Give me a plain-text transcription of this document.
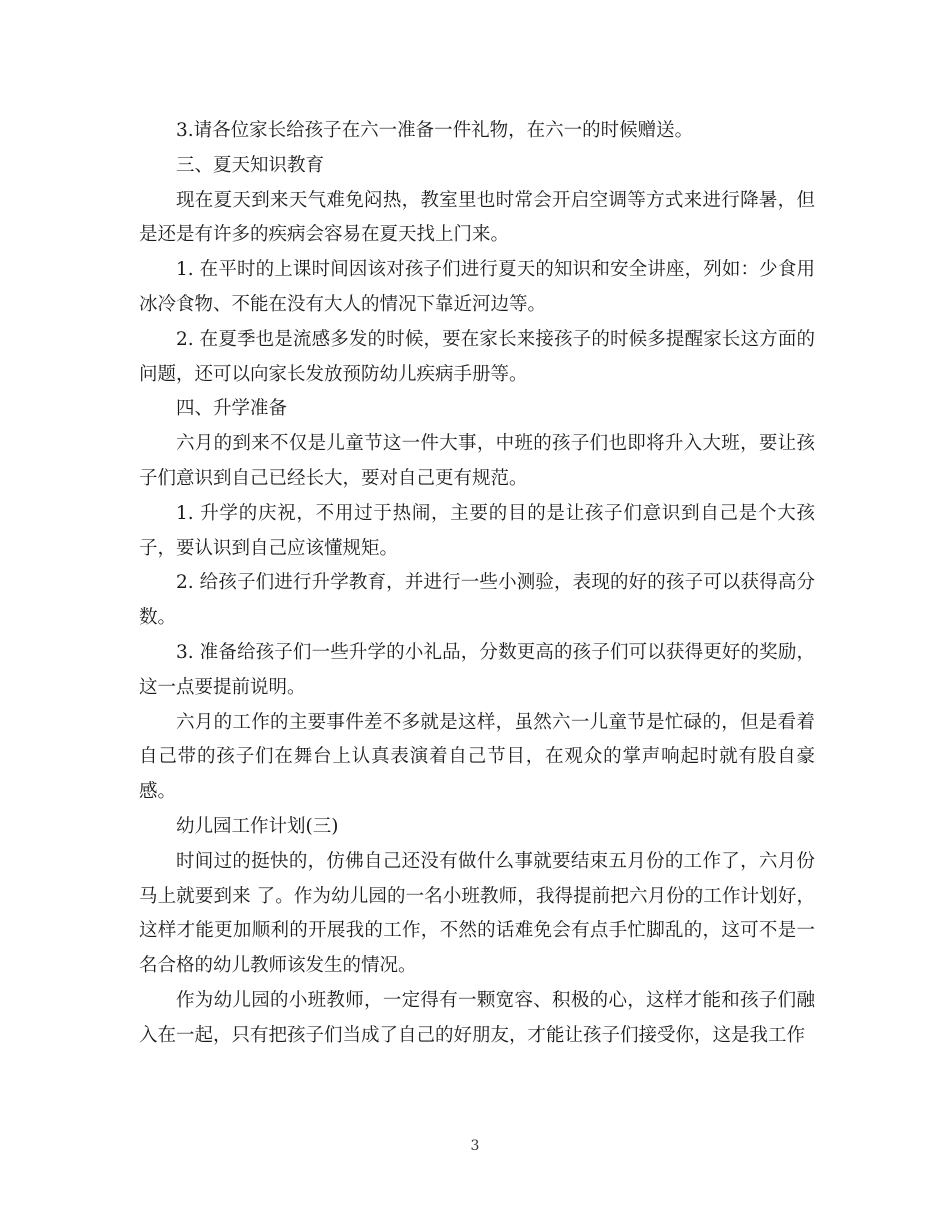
3.请各位家长给孩子在六一准备一件礼物，在六一的时候赠送。

三、夏天知识教育

现在夏天到来天气难免闷热，教室里也时常会开启空调等方式来进行降暑，但是还是有许多的疾病会容易在夏天找上门来。

1. 在平时的上课时间因该对孩子们进行夏天的知识和安全讲座，列如：少食用冰冷食物、不能在没有大人的情况下靠近河边等。

2. 在夏季也是流感多发的时候，要在家长来接孩子的时候多提醒家长这方面的问题，还可以向家长发放预防幼儿疾病手册等。

四、升学准备

六月的到来不仅是儿童节这一件大事，中班的孩子们也即将升入大班，要让孩子们意识到自己已经长大，要对自己更有规范。

1. 升学的庆祝，不用过于热闹，主要的目的是让孩子们意识到自己是个大孩子，要认识到自己应该懂规矩。

2. 给孩子们进行升学教育，并进行一些小测验，表现的好的孩子可以获得高分数。

3. 准备给孩子们一些升学的小礼品，分数更高的孩子们可以获得更好的奖励，这一点要提前说明。

六月的工作的主要事件差不多就是这样，虽然六一儿童节是忙碌的，但是看着自己带的孩子们在舞台上认真表演着自己节目，在观众的掌声响起时就有股自豪感。

幼儿园工作计划(三)

时间过的挺快的，仿佛自己还没有做什么事就要结束五月份的工作了，六月份马上就要到来 了。作为幼儿园的一名小班教师，我得提前把六月份的工作计划好，这样才能更加顺利的开展我的工作，不然的话难免会有点手忙脚乱的，这可不是一名合格的幼儿教师该发生的情况。

作为幼儿园的小班教师，一定得有一颗宽容、积极的心，这样才能和孩子们融入在一起，只有把孩子们当成了自己的好朋友，才能让孩子们接受你，这是我工作

3
